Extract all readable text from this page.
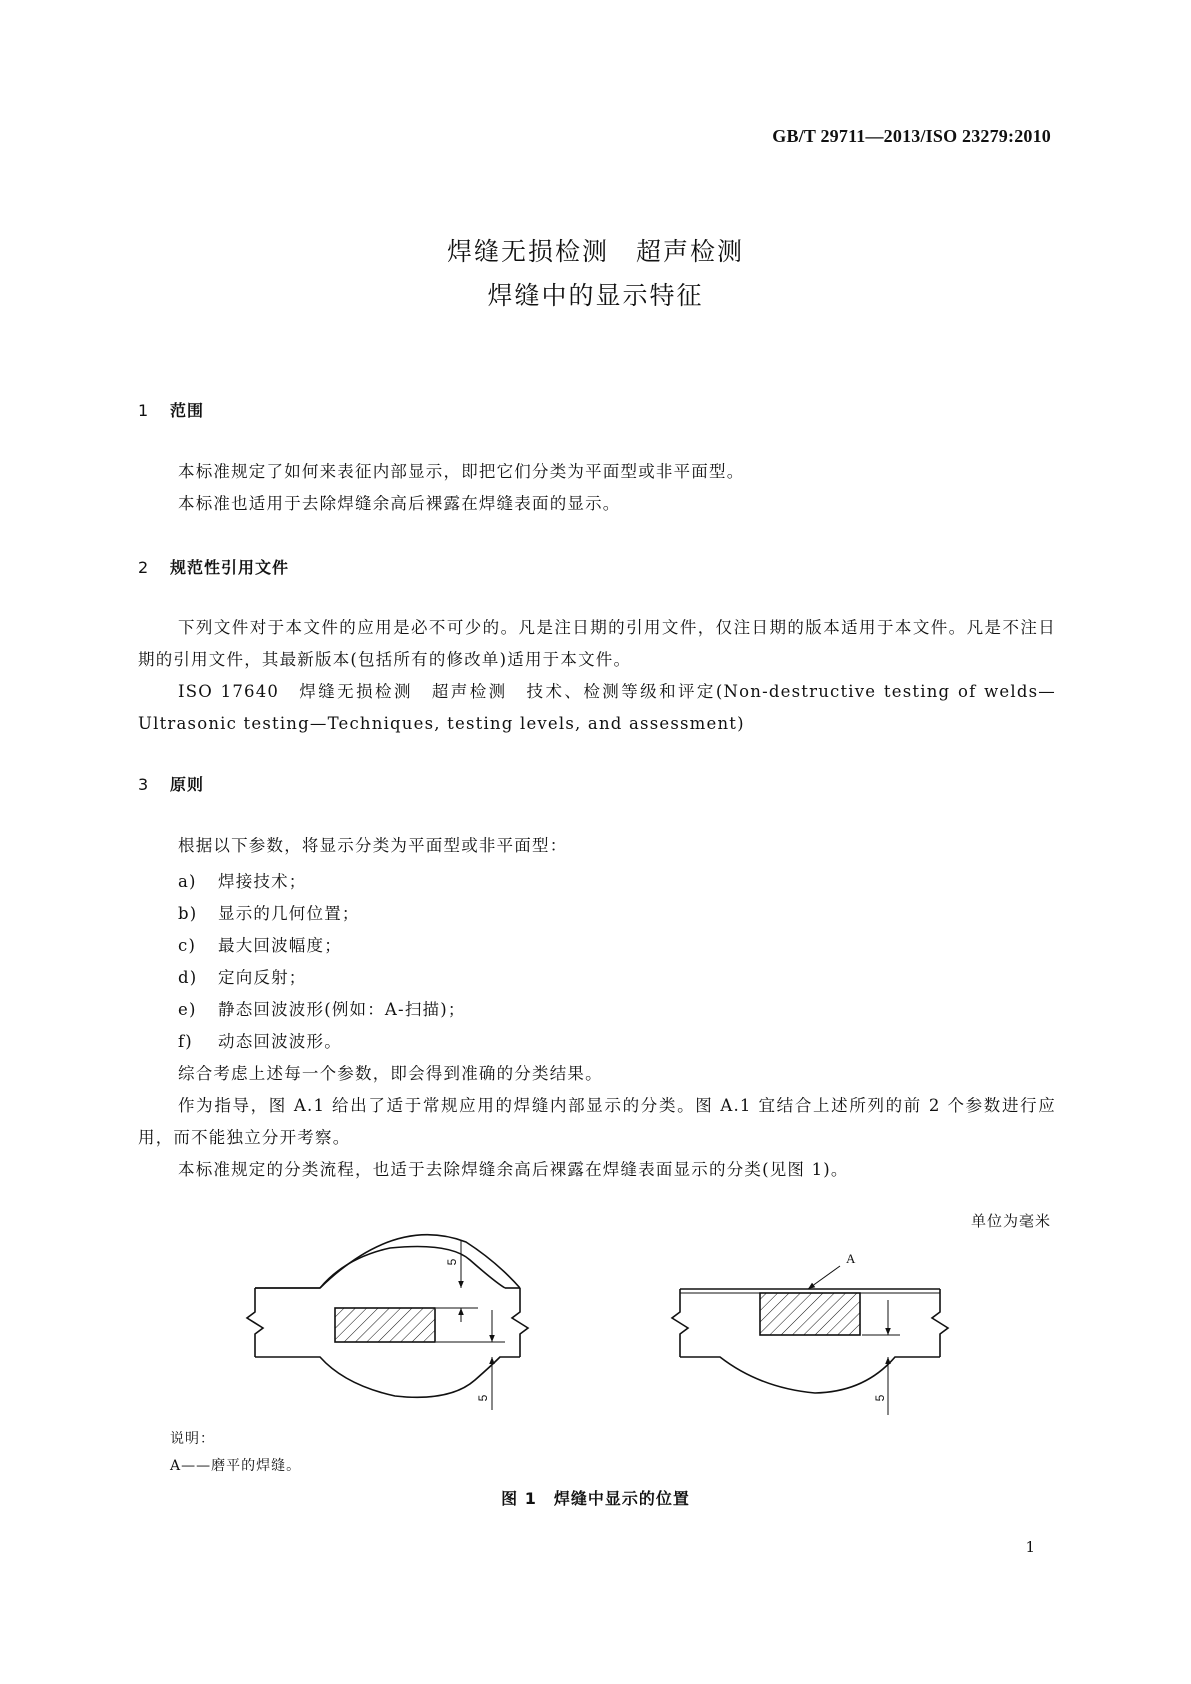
GB/T 29711—2013/ISO 23279:2010
焊缝无损检测　超声检测
焊缝中的显示特征
1 范围
本标准规定了如何来表征内部显示，即把它们分类为平面型或非平面型。
本标准也适用于去除焊缝余高后裸露在焊缝表面的显示。
2 规范性引用文件
下列文件对于本文件的应用是必不可少的。凡是注日期的引用文件，仅注日期的版本适用于本文件。凡是不注日期的引用文件，其最新版本(包括所有的修改单)适用于本文件。
ISO 17640　焊缝无损检测　超声检测　技术、检测等级和评定(Non-destructive testing of welds—Ultrasonic testing—Techniques, testing levels, and assessment)
3 原则
根据以下参数，将显示分类为平面型或非平面型：
a) 焊接技术；
b) 显示的几何位置；
c) 最大回波幅度；
d) 定向反射；
e) 静态回波波形(例如：A-扫描)；
f) 动态回波波形。
综合考虑上述每一个参数，即会得到准确的分类结果。
作为指导，图 A.1 给出了适于常规应用的焊缝内部显示的分类。图 A.1 宜结合上述所列的前 2 个参数进行应用，而不能独立分开考察。
本标准规定的分类流程，也适于去除焊缝余高后裸露在焊缝表面显示的分类(见图 1)。
单位为毫米
5
5	5
A
说明：
A——磨平的焊缝。
图 1　焊缝中显示的位置
1
